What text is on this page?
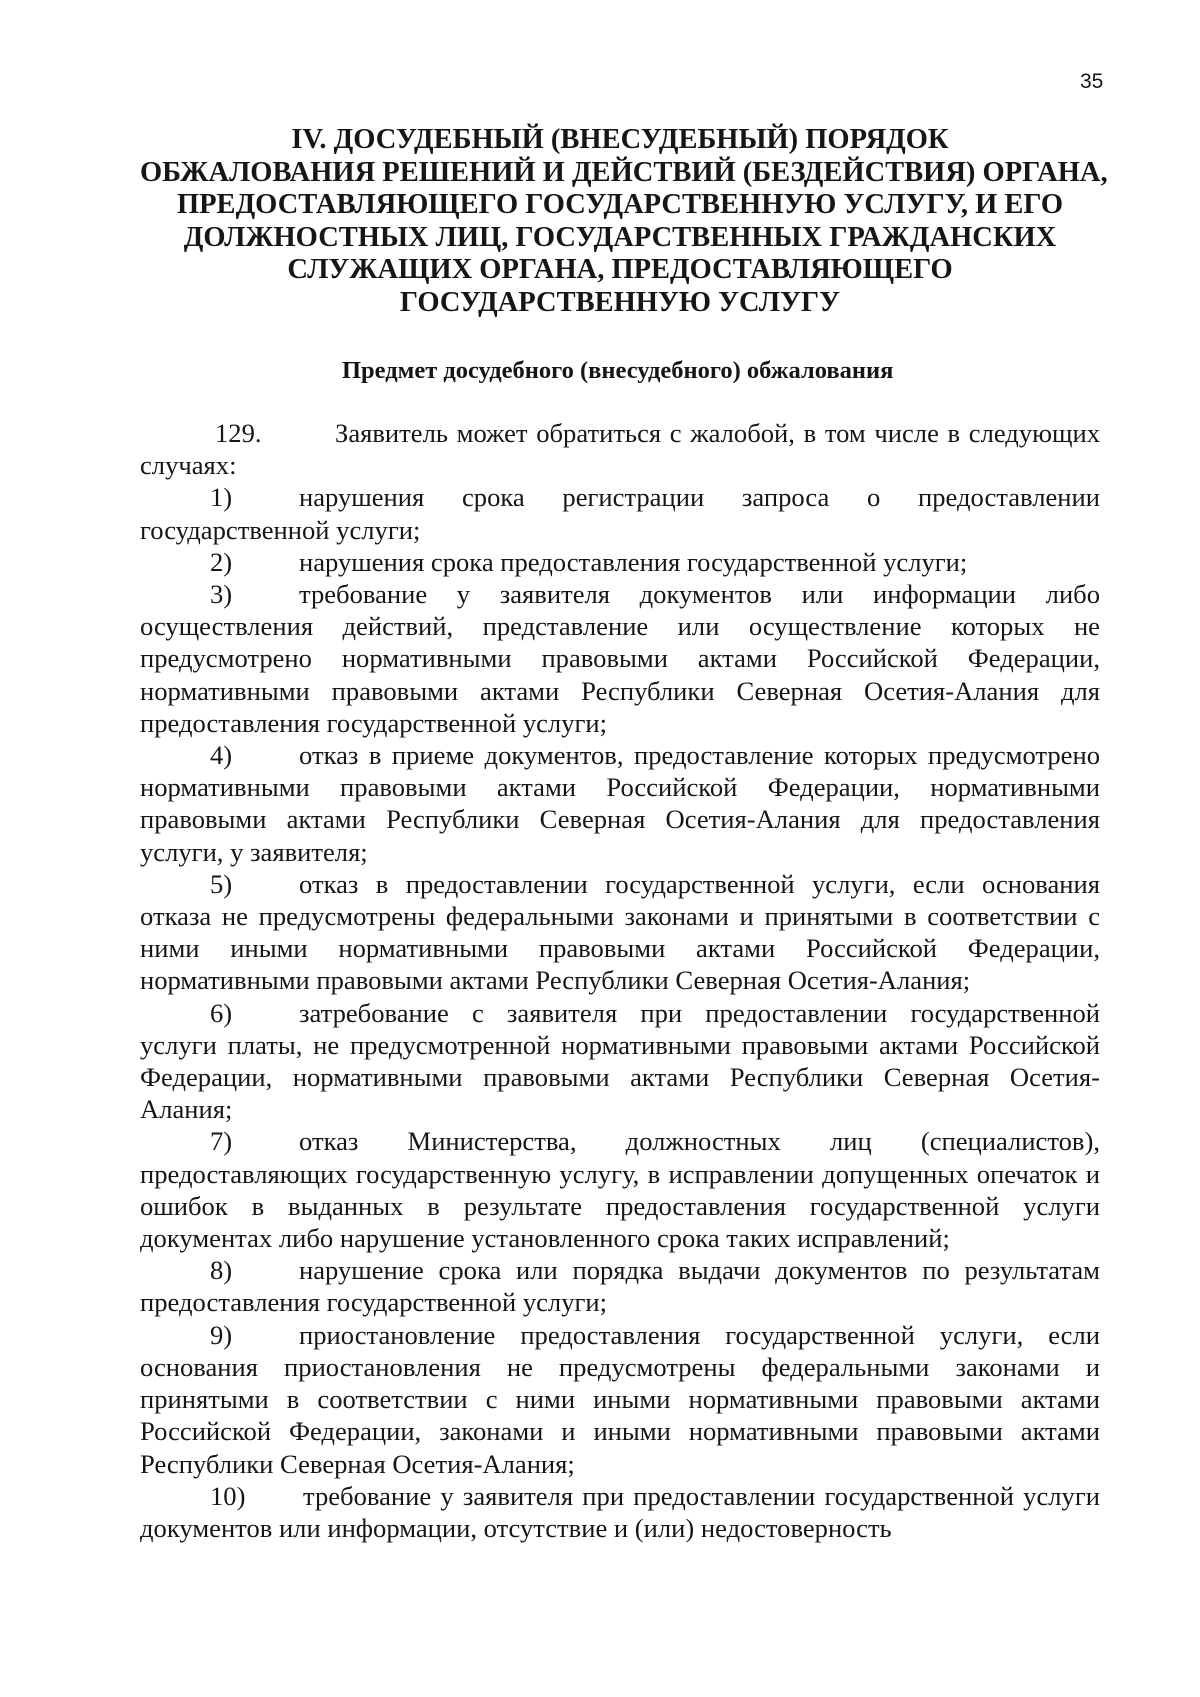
35
IV. ДОСУДЕБНЫЙ (ВНЕСУДЕБНЫЙ) ПОРЯДОК
ОБЖАЛОВАНИЯ РЕШЕНИЙ И ДЕЙСТВИЙ (БЕЗДЕЙСТВИЯ) ОРГАНА,
ПРЕДОСТАВЛЯЮЩЕГО ГОСУДАРСТВЕННУЮ УСЛУГУ, И ЕГО
ДОЛЖНОСТНЫХ ЛИЦ, ГОСУДАРСТВЕННЫХ ГРАЖДАНСКИХ
СЛУЖАЩИХ ОРГАНА, ПРЕДОСТАВЛЯЮЩЕГО
ГОСУДАРСТВЕННУЮ УСЛУГУ
Предмет досудебного (внесудебного) обжалования

129.	Заявитель может обратиться с жалобой, в том числе в следующих случаях:

1)	нарушения срока регистрации запроса о предоставлении государственной услуги;

2)	нарушения срока предоставления государственной услуги;

3)	требование у заявителя документов или информации либо осуществления действий, представление или осуществление которых не предусмотрено нормативными правовыми актами Российской Федерации, нормативными правовыми актами Республики Северная Осетия-Алания для предоставления государственной услуги;

4)	отказ в приеме документов, предоставление которых предусмотрено нормативными правовыми актами Российской Федерации, нормативными правовыми актами Республики Северная Осетия-Алания для предоставления услуги, у заявителя;

5)	отказ в предоставлении государственной услуги, если основания отказа не предусмотрены федеральными законами и принятыми в соответствии с ними иными нормативными правовыми актами Российской Федерации, нормативными правовыми актами Республики Северная Осетия-Алания;

6)	затребование с заявителя при предоставлении государственной услуги платы, не предусмотренной нормативными правовыми актами Российской Федерации, нормативными правовыми актами Республики Северная Осетия-Алания;

7)	отказ Министерства, должностных лиц (специалистов), предоставляющих государственную услугу, в исправлении допущенных опечаток и ошибок в выданных в результате предоставления государственной услуги документах либо нарушение установленного срока таких исправлений;

8)	нарушение срока или порядка выдачи документов по результатам предоставления государственной услуги;

9)	приостановление предоставления государственной услуги, если основания приостановления не предусмотрены федеральными законами и принятыми в соответствии с ними иными нормативными правовыми актами Российской Федерации, законами и иными нормативными правовыми актами Республики Северная Осетия-Алания;

10) требование у заявителя при предоставлении государственной услуги документов или информации, отсутствие и (или) недостоверность
